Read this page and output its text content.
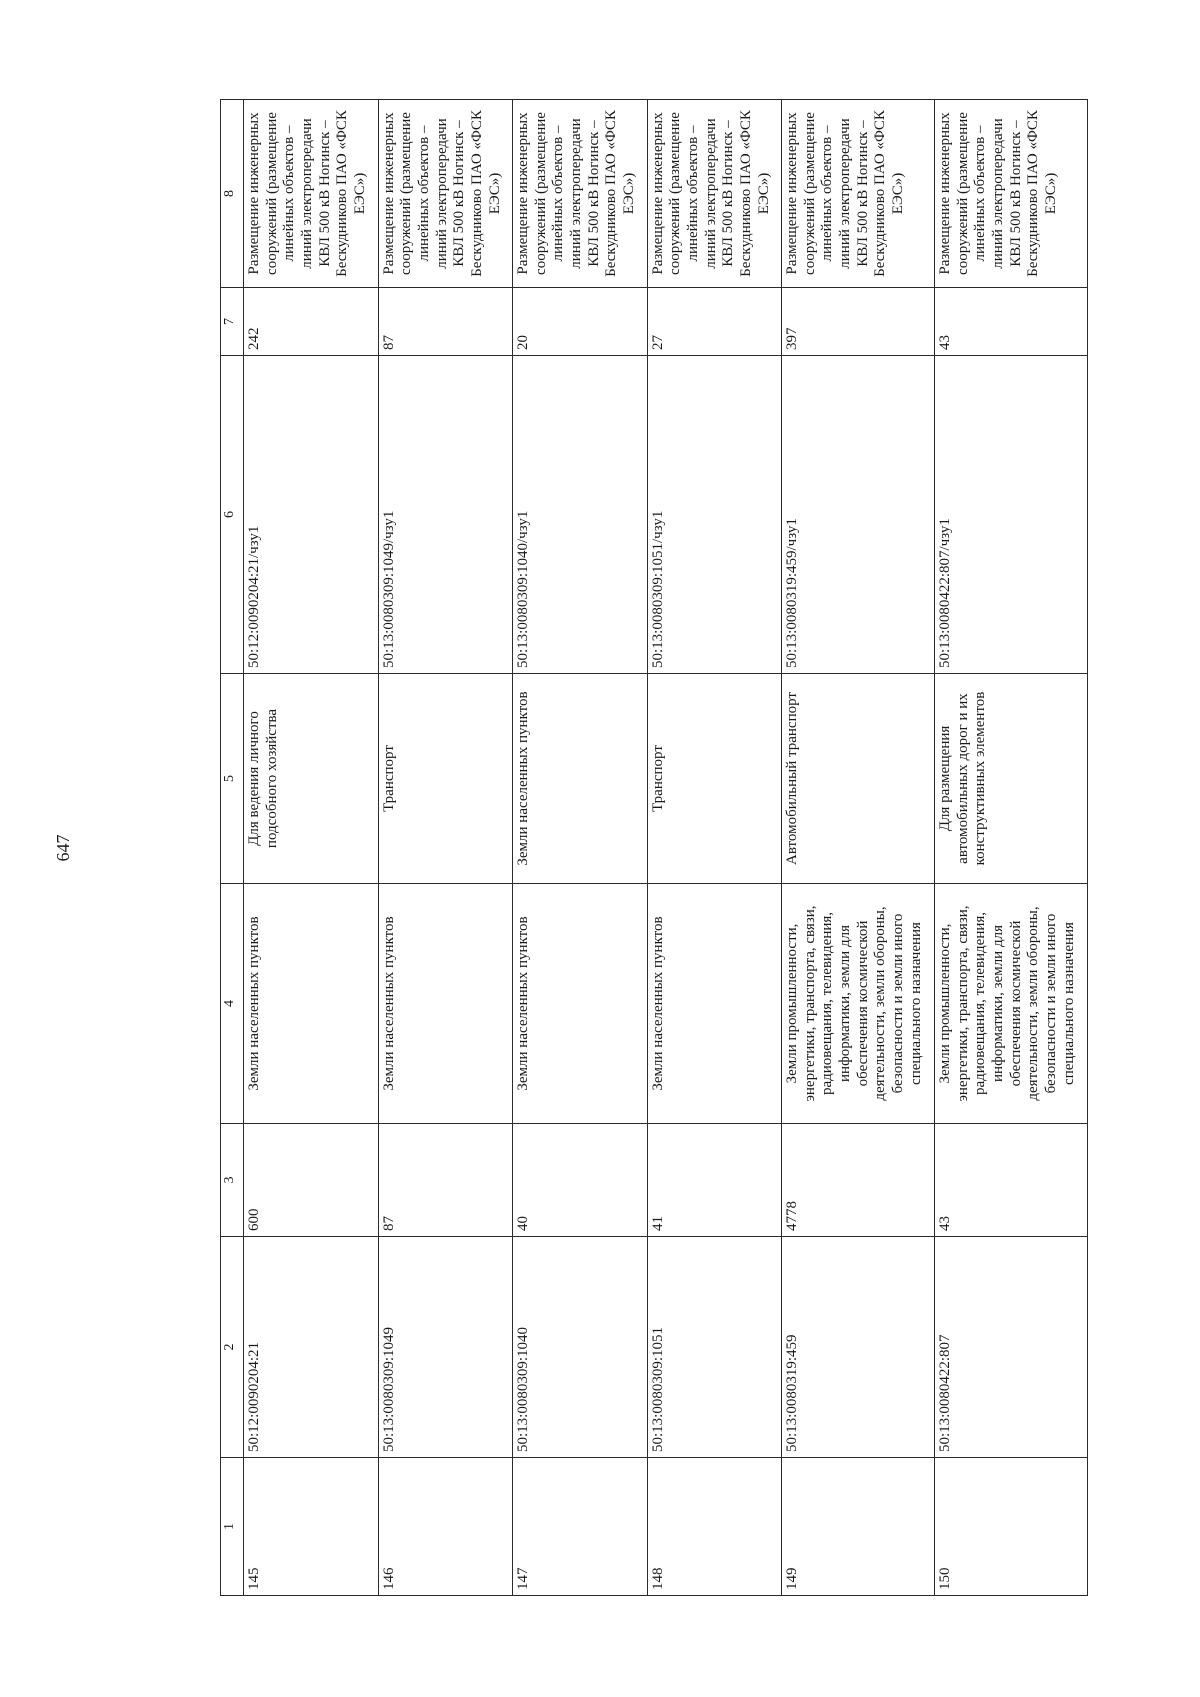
647
1	2	3	4	5	6	7	8
145	50:12:0090204:21	600	Земли населенных пунктов	Для ведения личного подсобного хозяйства	50:12:0090204:21/чзу1	242	Размещение инженерных сооружений (размещение линейных объектов – линий электропередачи КВЛ 500 кВ Ногинск – Бескудниково ПАО «ФСК ЕЭС»)
146	50:13:0080309:1049	87	Земли населенных пунктов	Транспорт	50:13:0080309:1049/чзу1	87	Размещение инженерных сооружений (размещение линейных объектов – линий электропередачи КВЛ 500 кВ Ногинск – Бескудниково ПАО «ФСК ЕЭС»)
147	50:13:0080309:1040	40	Земли населенных пунктов	Земли населенных пунктов	50:13:0080309:1040/чзу1	20	Размещение инженерных сооружений (размещение линейных объектов – линий электропередачи КВЛ 500 кВ Ногинск – Бескудниково ПАО «ФСК ЕЭС»)
148	50:13:0080309:1051	41	Земли населенных пунктов	Транспорт	50:13:0080309:1051/чзу1	27	Размещение инженерных сооружений (размещение линейных объектов – линий электропередачи КВЛ 500 кВ Ногинск – Бескудниково ПАО «ФСК ЕЭС»)
149	50:13:0080319:459	4778	Земли промышленности, энергетики, транспорта, связи, радиовещания, телевидения, информатики, земли для обеспечения космической деятельности, земли обороны, безопасности и земли иного специального назначения	Автомобильный транспорт	50:13:0080319:459/чзу1	397	Размещение инженерных сооружений (размещение линейных объектов – линий электропередачи КВЛ 500 кВ Ногинск – Бескудниково ПАО «ФСК ЕЭС»)
150	50:13:0080422:807	43	Земли промышленности, энергетики, транспорта, связи, радиовещания, телевидения, информатики, земли для обеспечения космической деятельности, земли обороны, безопасности и земли иного специального назначения	Для размещения автомобильных дорог и их конструктивных элементов	50:13:0080422:807/чзу1	43	Размещение инженерных сооружений (размещение линейных объектов – линий электропередачи КВЛ 500 кВ Ногинск – Бескудниково ПАО «ФСК ЕЭС»)
